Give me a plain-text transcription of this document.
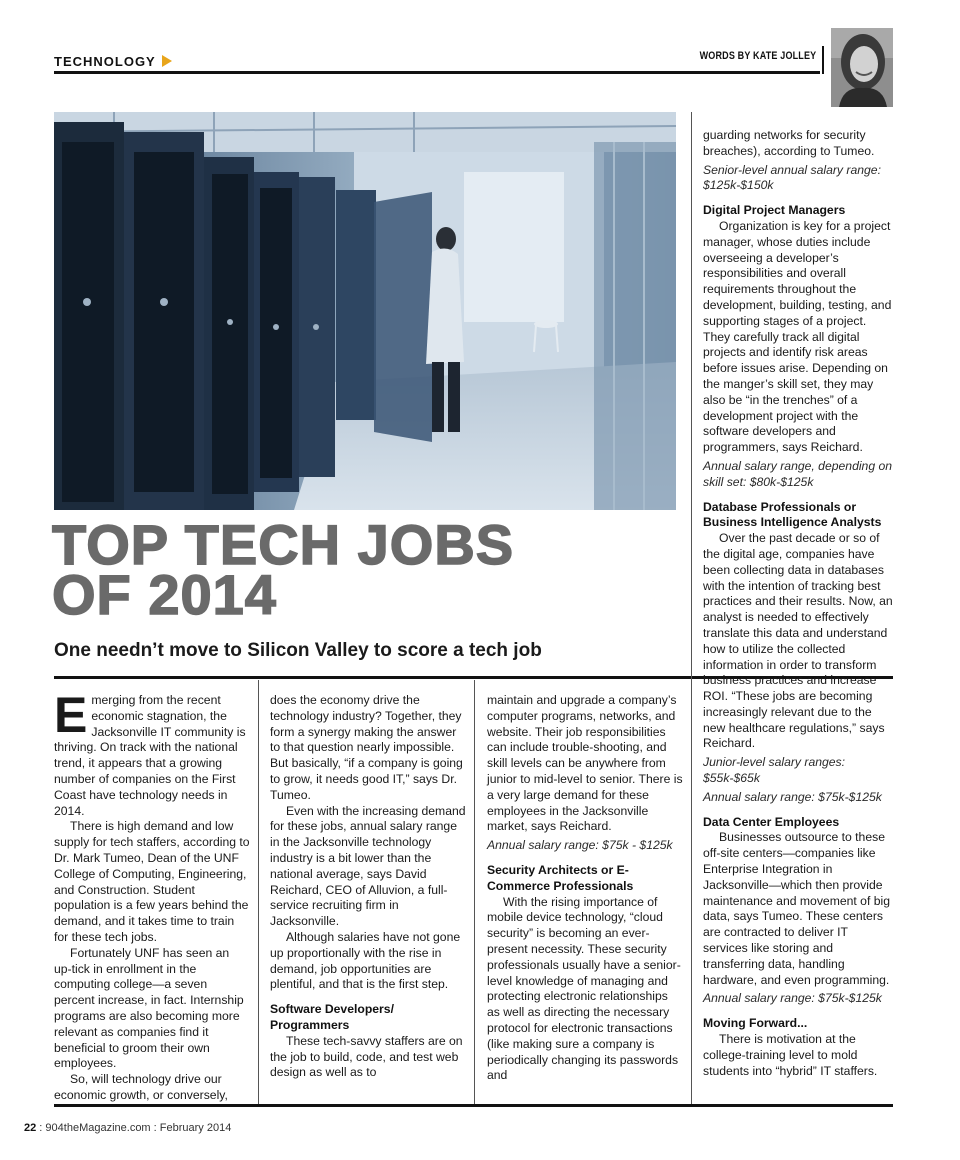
TECHNOLOGY	WORDS BY KATE JOLLEY
TOP TECH JOBS
OF 2014
One needn’t move to Silicon Valley to score a tech job

Emerging from the recent economic stagnation, the Jacksonville IT community is thriving. On track with the national trend, it appears that a growing number of companies on the First Coast have technology needs in 2014.

There is high demand and low supply for tech staffers, according to Dr. Mark Tumeo, Dean of the UNF College of Computing, Engineering, and Construction. Student population is a few years behind the demand, and it takes time to train for these tech jobs.

Fortunately UNF has seen an up-tick in enrollment in the computing college—a seven percent increase, in fact. Internship programs are also becoming more relevant as companies find it beneficial to groom their own employees.

So, will technology drive our economic growth, or conversely,

does the economy drive the technology industry? Together, they form a synergy making the answer to that question nearly impossible. But basically, “if a company is going to grow, it needs good IT,” says Dr. Tumeo.

Even with the increasing demand for these jobs, annual salary range in the Jacksonville technology industry is a bit lower than the national average, says David Reichard, CEO of Alluvion, a full-service recruiting firm in Jacksonville.

Although salaries have not gone up proportionally with the rise in demand, job opportunities are plentiful, and that is the first step.

Software Developers/ Programmers

These tech-savvy staffers are on the job to build, code, and test web design as well as to

maintain and upgrade a company’s computer programs, networks, and website. Their job responsibilities can include trouble-shooting, and skill levels can be anywhere from junior to mid-level to senior. There is a very large demand for these employees in the Jacksonville market, says Reichard.

Annual salary range: $75k - $125k

Security Architects or E-Commerce Professionals

With the rising importance of mobile device technology, “cloud security” is becoming an ever-present necessity. These security professionals usually have a senior-level knowledge of managing and protecting electronic relationships as well as directing the necessary protocol for electronic transactions (like making sure a company is periodically changing its passwords and

guarding networks for security breaches), according to Tumeo.

Senior-level annual salary range: $125k-$150k

Digital Project Managers

Organization is key for a project manager, whose duties include overseeing a developer’s responsibilities and overall requirements throughout the development, building, testing, and supporting stages of a project. They carefully track all digital projects and identify risk areas before issues arise. Depending on the manger’s skill set, they may also be “in the trenches” of a development project with the software developers and programmers, says Reichard.

Annual salary range, depending on skill set: $80k-$125k

Database Professionals or Business Intelligence Analysts

Over the past decade or so of the digital age, companies have been collecting data in databases with the intention of tracking best practices and their results. Now, an analyst is needed to effectively translate this data and understand how to utilize the collected information in order to transform business practices and increase ROI. “These jobs are becoming increasingly relevant due to the new healthcare regulations,” says Reichard.

Junior-level salary ranges: $55k-$65k

Annual salary range: $75k-$125k

Data Center Employees

Businesses outsource to these off-site centers—companies like Enterprise Integration in Jacksonville—which then provide maintenance and movement of big data, says Tumeo. These centers are contracted to deliver IT services like storing and transferring data, handling hardware, and even programming.

Annual salary range: $75k-$125k

Moving Forward...

There is motivation at the college-training level to mold students into “hybrid” IT staffers.

22 : 904theMagazine.com : February 2014
